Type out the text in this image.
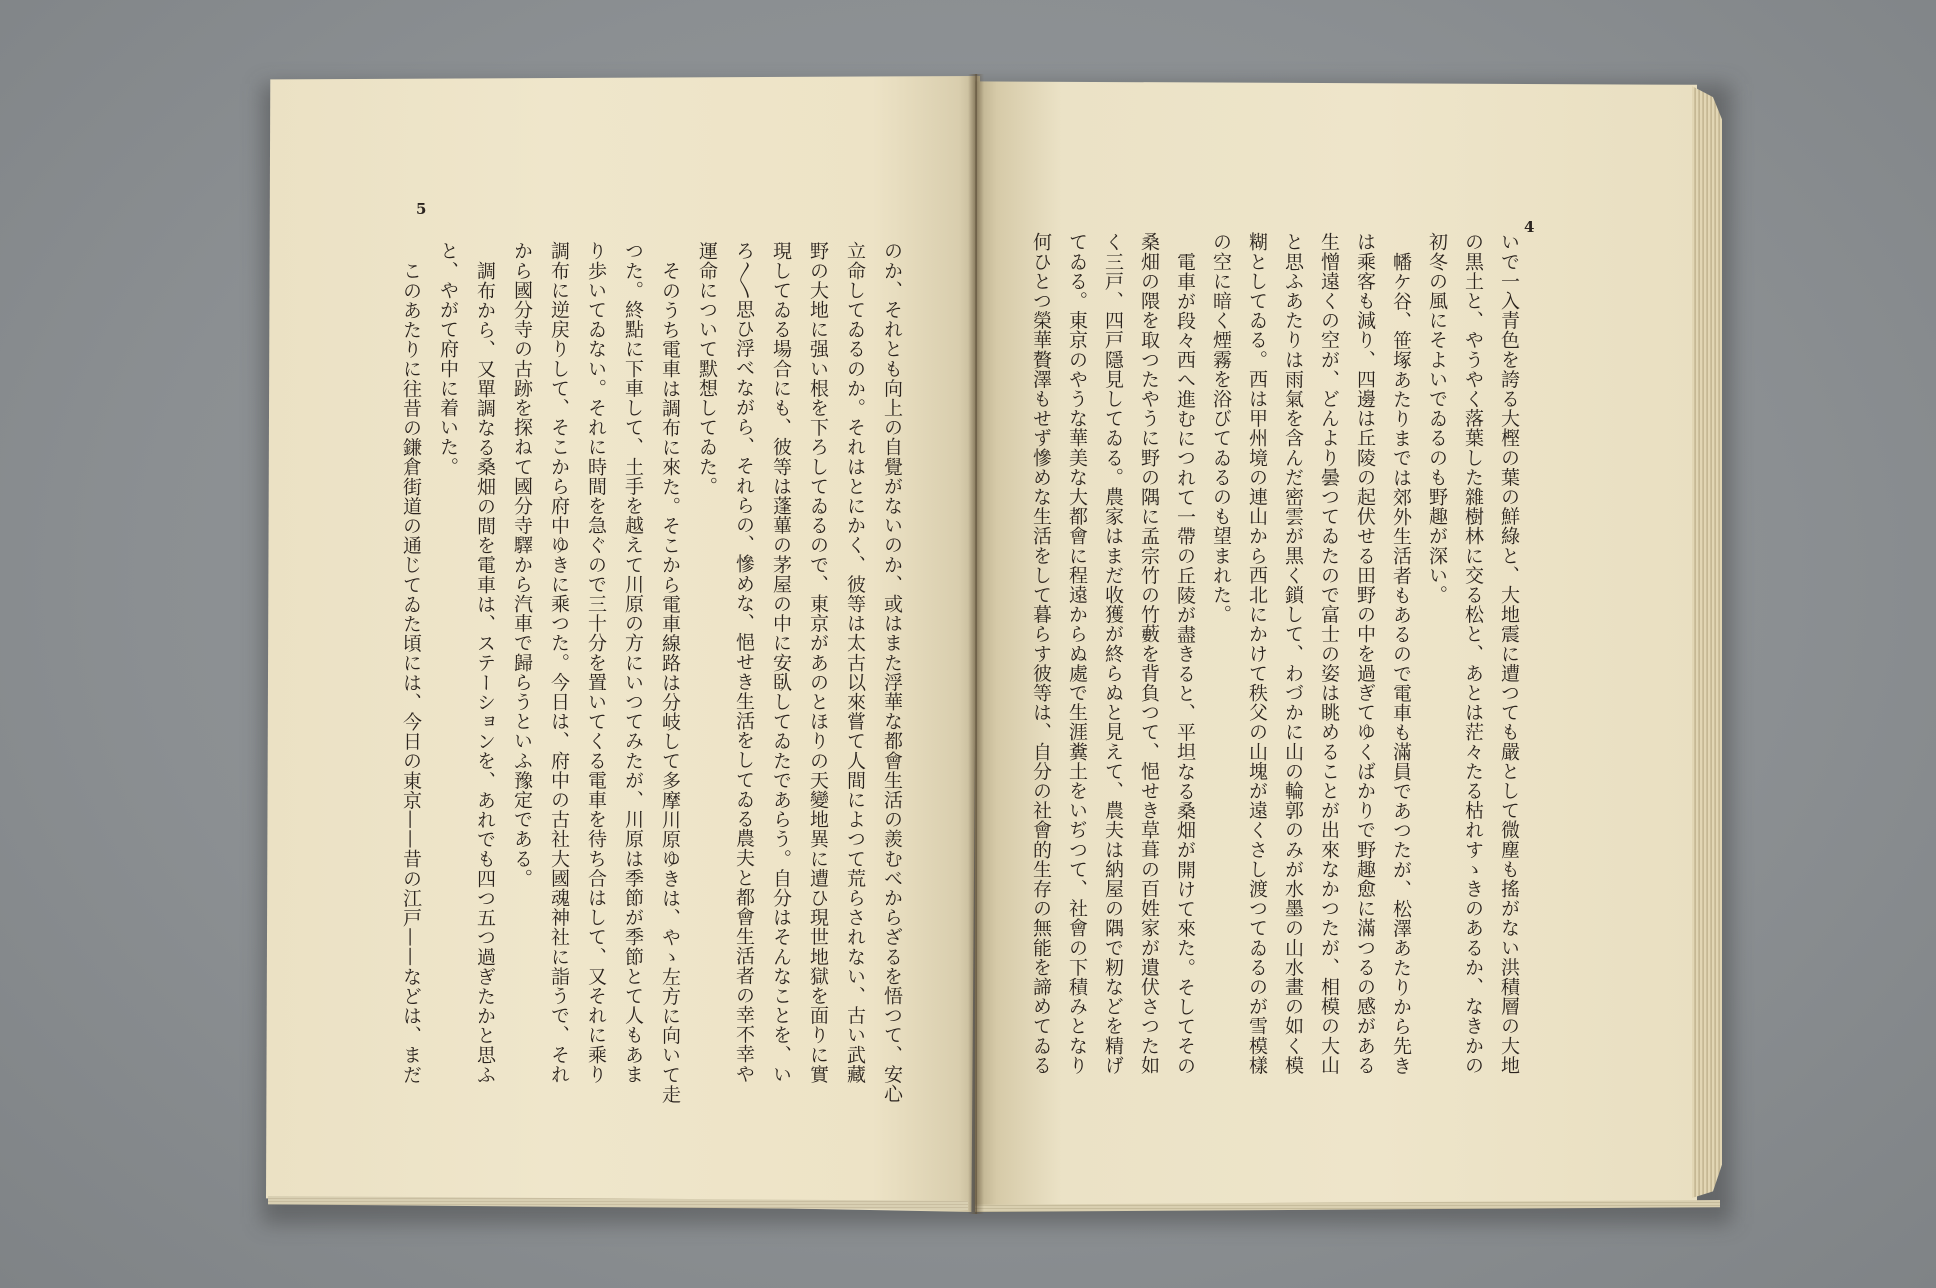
5
4
いで一入青色を誇る大樫の葉の鮮綠と、大地震に遭つても嚴として微塵も搖がない洪積層の大地
の黒土と、やうやく落葉した雜樹林に交る松と、あとは茫々たる枯れすゝきのあるか、なきかの
初冬の風にそよいでゐるのも野趣が深い。
幡ケ谷、笹塚あたりまでは郊外生活者もあるので電車も滿員であつたが、松澤あたりから先き
は乘客も減り、四邊は丘陵の起伏せる田野の中を過ぎてゆくばかりで野趣愈に滿つるの感がある
生憎遠くの空が、どんより曇つてゐたので富士の姿は眺めることが出來なかつたが、相模の大山
と思ふあたりは雨氣を含んだ密雲が黒く鎖して、わづかに山の輪郭のみが水墨の山水畫の如く模
糊としてゐる。西は甲州境の連山から西北にかけて秩父の山塊が遠くさし渡つてゐるのが雪模樣
の空に暗く煙霧を浴びてゐるのも望まれた。
電車が段々西へ進むにつれて一帶の丘陵が盡きると、平坦なる桑畑が開けて來た。そしてその
桑畑の隈を取つたやうに野の隅に孟宗竹の竹藪を背負つて、悒せき草葺の百姓家が遺伏さつた如
く三戸、四戸隱見してゐる。農家はまだ收獲が終らぬと見えて、農夫は納屋の隅で籾などを精げ
てゐる。東京のやうな華美な大都會に程遠からぬ處で生涯糞土をいぢつて、社會の下積みとなり
何ひとつ榮華贅澤もせず慘めな生活をして暮らす彼等は、自分の社會的生存の無能を諦めてゐる
のか、それとも向上の自覺がないのか、或はまた浮華な都會生活の羨むべからざるを悟つて、安心
立命してゐるのか。それはとにかく、彼等は太古以來嘗て人間によつて荒らされない、古い武藏
野の大地に强い根を下ろしてゐるので、東京があのとほりの天變地異に遭ひ現世地獄を面りに實
現してゐる場合にも、彼等は蓬蓽の茅屋の中に安臥してゐたであらう。自分はそんなことを、い
ろ〱思ひ浮べながら、それらの、慘めな、悒せき生活をしてゐる農夫と都會生活者の幸不幸や
運命について默想してゐた。
そのうち電車は調布に來た。そこから電車線路は分岐して多摩川原ゆきは、やゝ左方に向いて走
つた。終點に下車して、土手を越えて川原の方にいつてみたが、川原は季節が季節とて人もあま
り歩いてゐない。それに時間を急ぐので三十分を置いてくる電車を待ち合はして、又それに乘り
調布に逆戻りして、そこから府中ゆきに乘つた。今日は、府中の古社大國魂神社に詣うで、それ
から國分寺の古跡を探ねて國分寺驛から汽車で歸らうといふ豫定である。
調布から、又單調なる桑畑の間を電車は、ステーションを、あれでも四つ五つ過ぎたかと思ふ
と、やがて府中に着いた。
このあたりに往昔の鎌倉街道の通じてゐた頃には、今日の東京——昔の江戸——などは、まだ
